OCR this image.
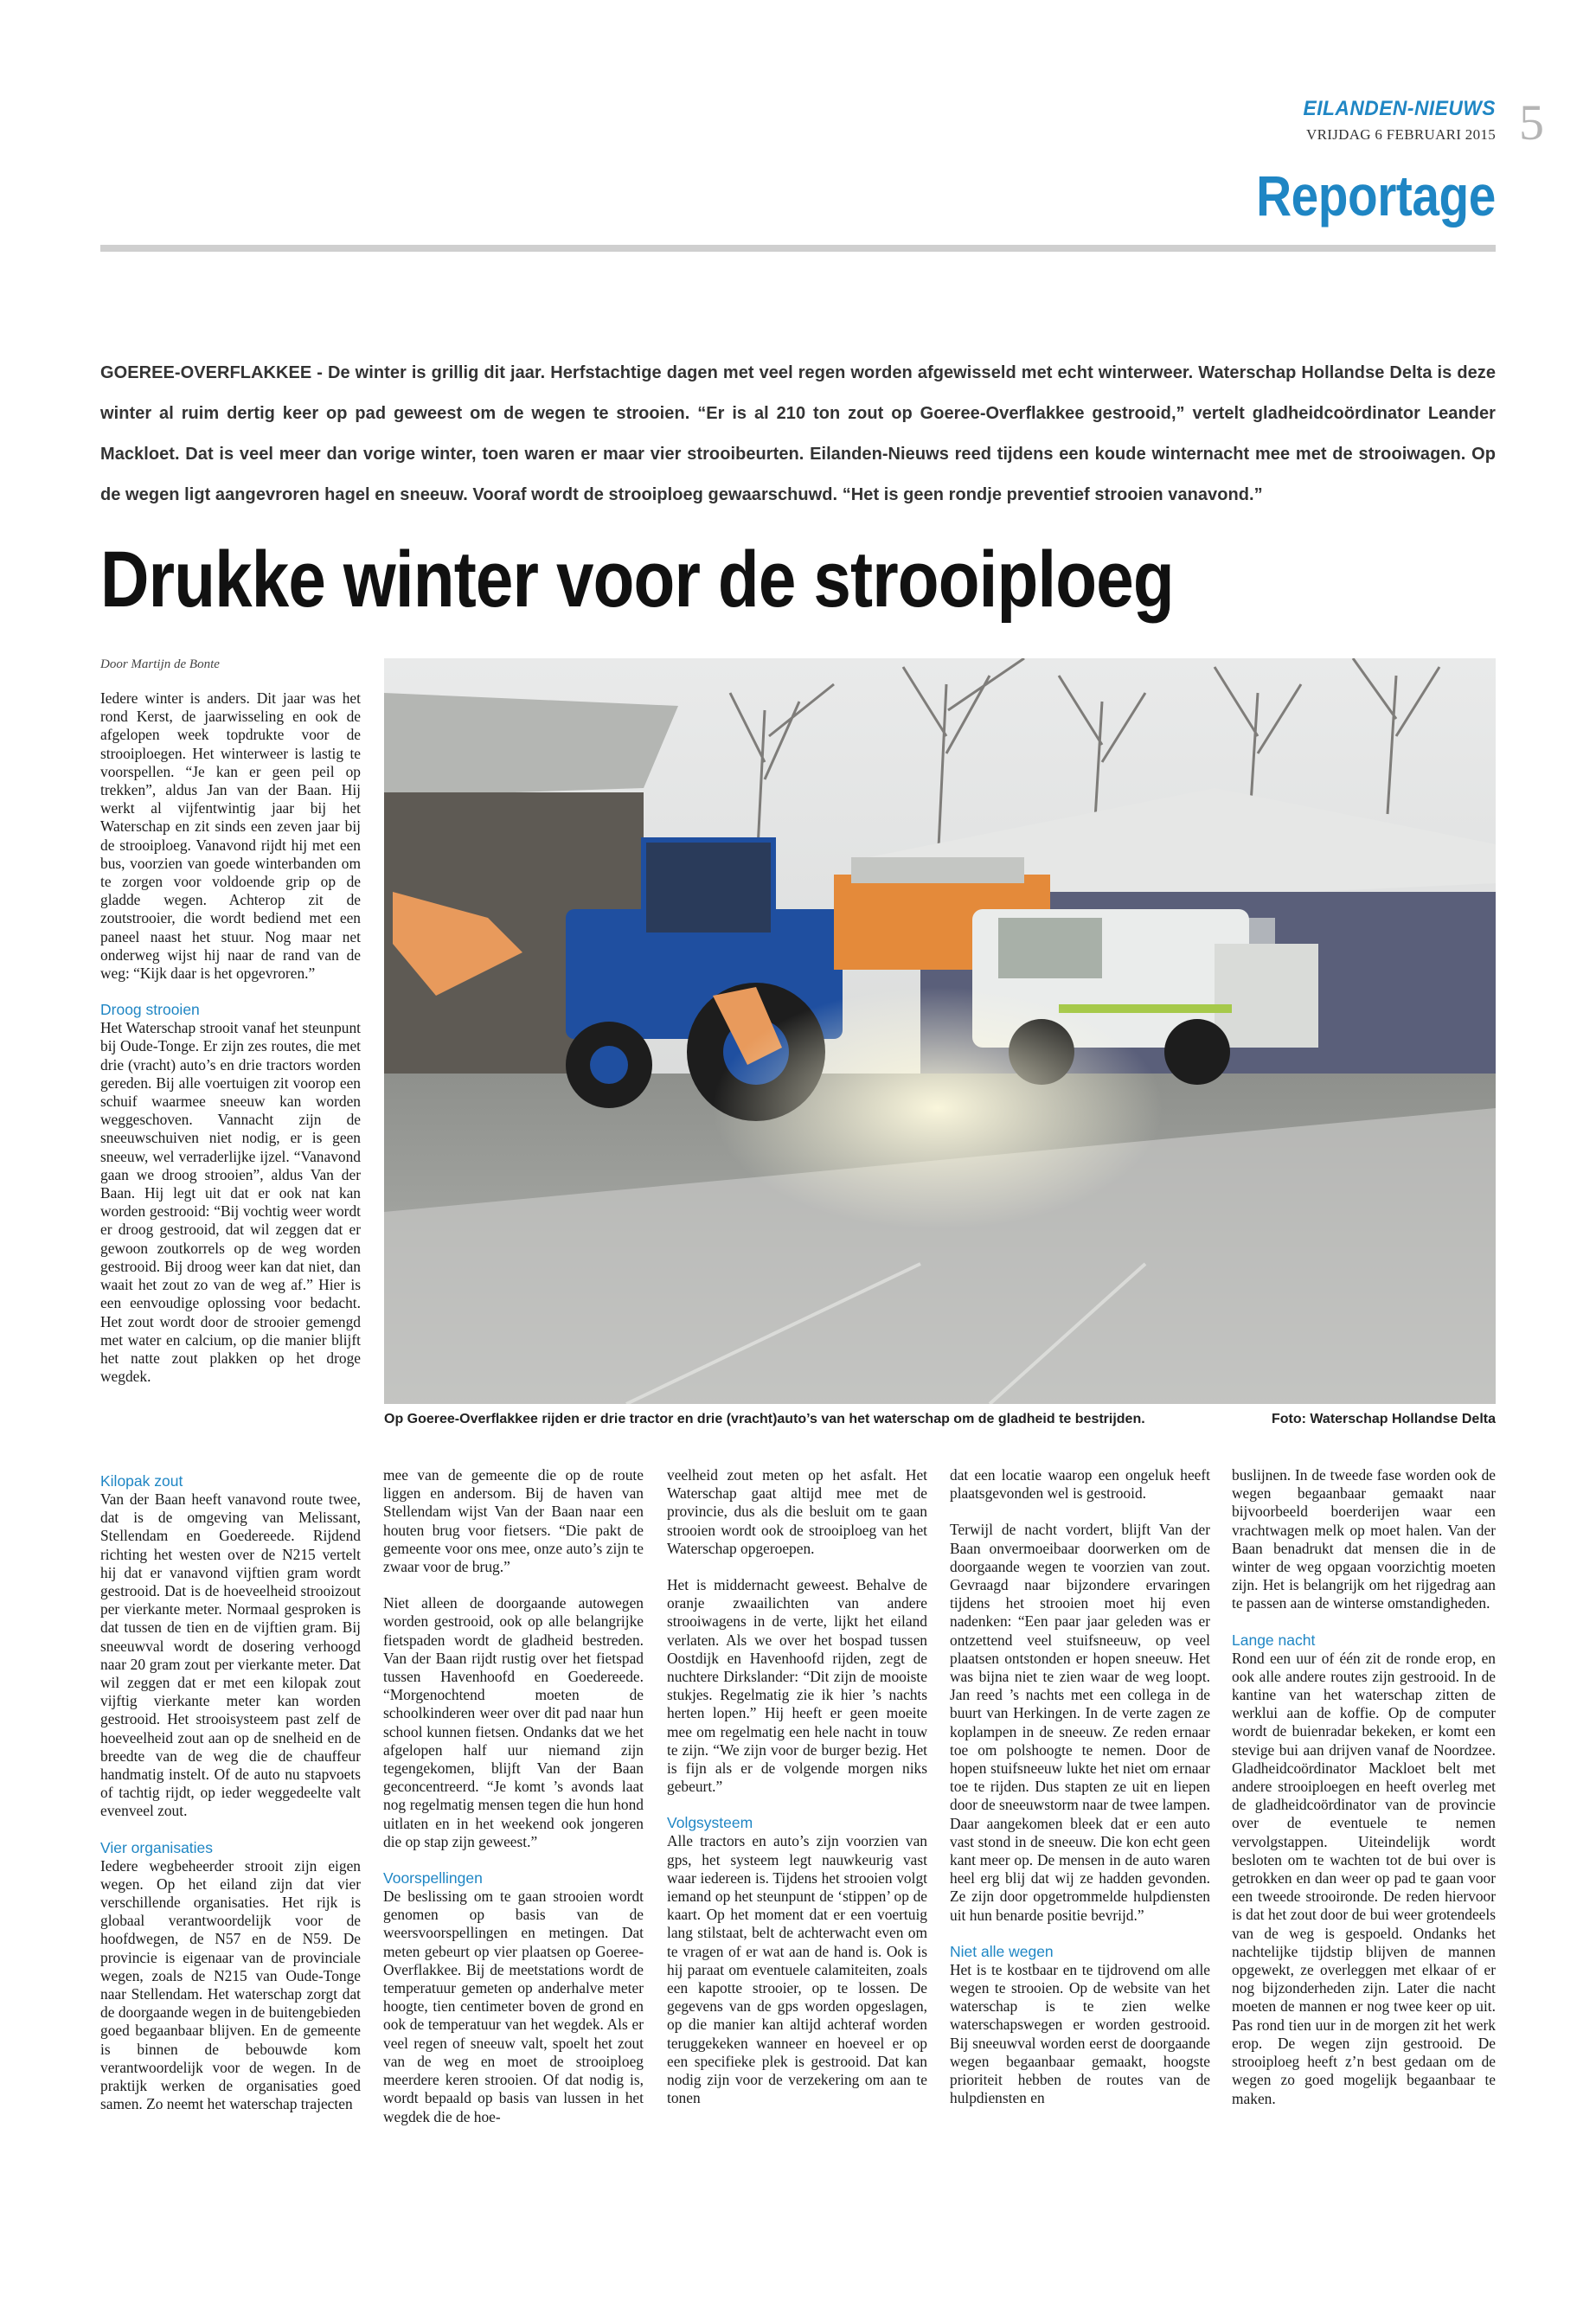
EILANDEN-NIEUWS
VRIJDAG 6 FEBRUARI 2015 5
Reportage
GOEREE-OVERFLAKKEE - De winter is grillig dit jaar. Herfstachtige dagen met veel regen worden afgewisseld met echt winterweer. Waterschap Hollandse Delta is deze winter al ruim dertig keer op pad geweest om de wegen te strooien. “Er is al 210 ton zout op Goeree-Overflakkee gestrooid,” vertelt gladheidcoördinator Leander Mackloet. Dat is veel meer dan vorige winter, toen waren er maar vier strooibeurten. Eilanden-Nieuws reed tijdens een koude winternacht mee met de strooiwagen. Op de wegen ligt aangevroren hagel en sneeuw. Vooraf wordt de strooiploeg gewaarschuwd. “Het is geen rondje preventief strooien vanavond.”
Drukke winter voor de strooiploeg
Door Martijn de Bonte

Iedere winter is anders. Dit jaar was het rond Kerst, de jaarwisseling en ook de afgelopen week topdrukte voor de strooiploegen. Het winterweer is lastig te voorspellen. “Je kan er geen peil op trekken”, aldus Jan van der Baan. Hij werkt al vijfentwintig jaar bij het Waterschap en zit sinds een zeven jaar bij de strooiploeg. Vanavond rijdt hij met een bus, voorzien van goede winterbanden om te zorgen voor voldoende grip op de gladde wegen. Achterop zit de zoutstrooier, die wordt bediend met een paneel naast het stuur. Nog maar net onderweg wijst hij naar de rand van de weg: “Kijk daar is het opgevroren.”

Droog strooien

Het Waterschap strooit vanaf het steunpunt bij Oude-Tonge. Er zijn zes routes, die met drie (vracht) auto’s en drie tractors worden gereden. Bij alle voertuigen zit voorop een schuif waarmee sneeuw kan worden weggeschoven. Vannacht zijn de sneeuwschuiven niet nodig, er is geen sneeuw, wel verraderlijke ijzel. “Vanavond gaan we droog strooien”, aldus Van der Baan. Hij legt uit dat er ook nat kan worden gestrooid: “Bij vochtig weer wordt er droog gestrooid, dat wil zeggen dat er gewoon zoutkorrels op de weg worden gestrooid. Bij droog weer kan dat niet, dan waait het zout zo van de weg af.” Hier is een eenvoudige oplossing voor bedacht. Het zout wordt door de strooier gemengd met water en calcium, op die manier blijft het natte zout plakken op het droge wegdek.

Op Goeree-Overflakkee rijden er drie tractor en drie (vracht)auto’s van het waterschap om de gladheid te bestrijden.	Foto: Waterschap Hollandse Delta
Kilopak zout

Van der Baan heeft vanavond route twee, dat is de omgeving van Melissant, Stellendam en Goedereede. Rijdend richting het westen over de N215 vertelt hij dat er vanavond vijftien gram wordt gestrooid. Dat is de hoeveelheid strooizout per vierkante meter. Normaal gesproken is dat tussen de tien en de vijftien gram. Bij sneeuwval wordt de dosering verhoogd naar 20 gram zout per vierkante meter. Dat wil zeggen dat er met een kilopak zout vijftig vierkante meter kan worden gestrooid. Het strooisysteem past zelf de hoeveelheid zout aan op de snelheid en de breedte van de weg die de chauffeur handmatig instelt. Of de auto nu stapvoets of tachtig rijdt, op ieder weggedeelte valt evenveel zout.

Vier organisaties

Iedere wegbeheerder strooit zijn eigen wegen. Op het eiland zijn dat vier verschillende organisaties. Het rijk is globaal verantwoordelijk voor de hoofdwegen, de N57 en de N59. De provincie is eigenaar van de provinciale wegen, zoals de N215 van Oude-Tonge naar Stellendam. Het waterschap zorgt dat de doorgaande wegen in de buitengebieden goed begaanbaar blijven. En de gemeente is binnen de bebouwde kom verantwoordelijk voor de wegen. In de praktijk werken de organisaties goed samen. Zo neemt het waterschap trajecten

mee van de gemeente die op de route liggen en andersom. Bij de haven van Stellendam wijst Van der Baan naar een houten brug voor fietsers. “Die pakt de gemeente voor ons mee, onze auto’s zijn te zwaar voor de brug.”

Niet alleen de doorgaande autowegen worden gestrooid, ook op alle belangrijke fietspaden wordt de gladheid bestreden. Van der Baan rijdt rustig over het fietspad tussen Havenhoofd en Goedereede. “Morgenochtend moeten de schoolkinderen weer over dit pad naar hun school kunnen fietsen. Ondanks dat we het afgelopen half uur niemand zijn tegengekomen, blijft Van der Baan geconcentreerd. “Je komt ’s avonds laat nog regelmatig mensen tegen die hun hond uitlaten en in het weekend ook jongeren die op stap zijn geweest.”

Voorspellingen

De beslissing om te gaan strooien wordt genomen op basis van de weersvoorspellingen en metingen. Dat meten gebeurt op vier plaatsen op Goeree-Overflakkee. Bij de meetstations wordt de temperatuur gemeten op anderhalve meter hoogte, tien centimeter boven de grond en ook de temperatuur van het wegdek. Als er veel regen of sneeuw valt, spoelt het zout van de weg en moet de strooiploeg meerdere keren strooien. Of dat nodig is, wordt bepaald op basis van lussen in het wegdek die de hoe-

veelheid zout meten op het asfalt. Het Waterschap gaat altijd mee met de provincie, dus als die besluit om te gaan strooien wordt ook de strooiploeg van het Waterschap opgeroepen.

Het is middernacht geweest. Behalve de oranje zwaailichten van andere strooiwagens in de verte, lijkt het eiland verlaten. Als we over het bospad tussen Oostdijk en Havenhoofd rijden, zegt de nuchtere Dirkslander: “Dit zijn de mooiste stukjes. Regelmatig zie ik hier ’s nachts herten lopen.” Hij heeft er geen moeite mee om regelmatig een hele nacht in touw te zijn. “We zijn voor de burger bezig. Het is fijn als er de volgende morgen niks gebeurt.”

Volgsysteem

Alle tractors en auto’s zijn voorzien van gps, het systeem legt nauwkeurig vast waar iedereen is. Tijdens het strooien volgt iemand op het steunpunt de ‘stippen’ op de kaart. Op het moment dat er een voertuig lang stilstaat, belt de achterwacht even om te vragen of er wat aan de hand is. Ook is hij paraat om eventuele calamiteiten, zoals een kapotte strooier, op te lossen. De gegevens van de gps worden opgeslagen, op die manier kan altijd achteraf worden teruggekeken wanneer en hoeveel er op een specifieke plek is gestrooid. Dat kan nodig zijn voor de verzekering om aan te tonen

dat een locatie waarop een ongeluk heeft plaatsgevonden wel is gestrooid.

Terwijl de nacht vordert, blijft Van der Baan onvermoeibaar doorwerken om de doorgaande wegen te voorzien van zout. Gevraagd naar bijzondere ervaringen tijdens het strooien moet hij even nadenken: “Een paar jaar geleden was er ontzettend veel stuifsneeuw, op veel plaatsen ontstonden er hopen sneeuw. Het was bijna niet te zien waar de weg loopt. Jan reed ’s nachts met een collega in de buurt van Herkingen. In de verte zagen ze koplampen in de sneeuw. Ze reden ernaar toe om polshoogte te nemen. Door de hopen stuifsneeuw lukte het niet om ernaar toe te rijden. Dus stapten ze uit en liepen door de sneeuwstorm naar de twee lampen. Daar aangekomen bleek dat er een auto vast stond in de sneeuw. Die kon echt geen kant meer op. De mensen in de auto waren heel erg blij dat wij ze hadden gevonden. Ze zijn door opgetrommelde hulpdiensten uit hun benarde positie bevrijd.”

Niet alle wegen

Het is te kostbaar en te tijdrovend om alle wegen te strooien. Op de website van het waterschap is te zien welke waterschapswegen er worden gestrooid. Bij sneeuwval worden eerst de doorgaande wegen begaanbaar gemaakt, hoogste prioriteit hebben de routes van de hulpdiensten en

buslijnen. In de tweede fase worden ook de wegen begaanbaar gemaakt naar bijvoorbeeld boerderijen waar een vrachtwagen melk op moet halen. Van der Baan benadrukt dat mensen die in de winter de weg opgaan voorzichtig moeten zijn. Het is belangrijk om het rijgedrag aan te passen aan de winterse omstandigheden.

Lange nacht

Rond een uur of één zit de ronde erop, en ook alle andere routes zijn gestrooid. In de kantine van het waterschap zitten de werklui aan de koffie. Op de computer wordt de buienradar bekeken, er komt een stevige bui aan drijven vanaf de Noordzee. Gladheidcoördinator Mackloet belt met andere strooiploegen en heeft overleg met de gladheidcoördinator van de provincie over de eventuele te nemen vervolgstappen. Uiteindelijk wordt besloten om te wachten tot de bui over is getrokken en dan weer op pad te gaan voor een tweede strooironde. De reden hiervoor is dat het zout door de bui weer grotendeels van de weg is gespoeld. Ondanks het nachtelijke tijdstip blijven de mannen opgewekt, ze overleggen met elkaar of er nog bijzonderheden zijn. Later die nacht moeten de mannen er nog twee keer op uit. Pas rond tien uur in de morgen zit het werk erop. De wegen zijn gestrooid. De strooiploeg heeft z’n best gedaan om de wegen zo goed mogelijk begaanbaar te maken.
